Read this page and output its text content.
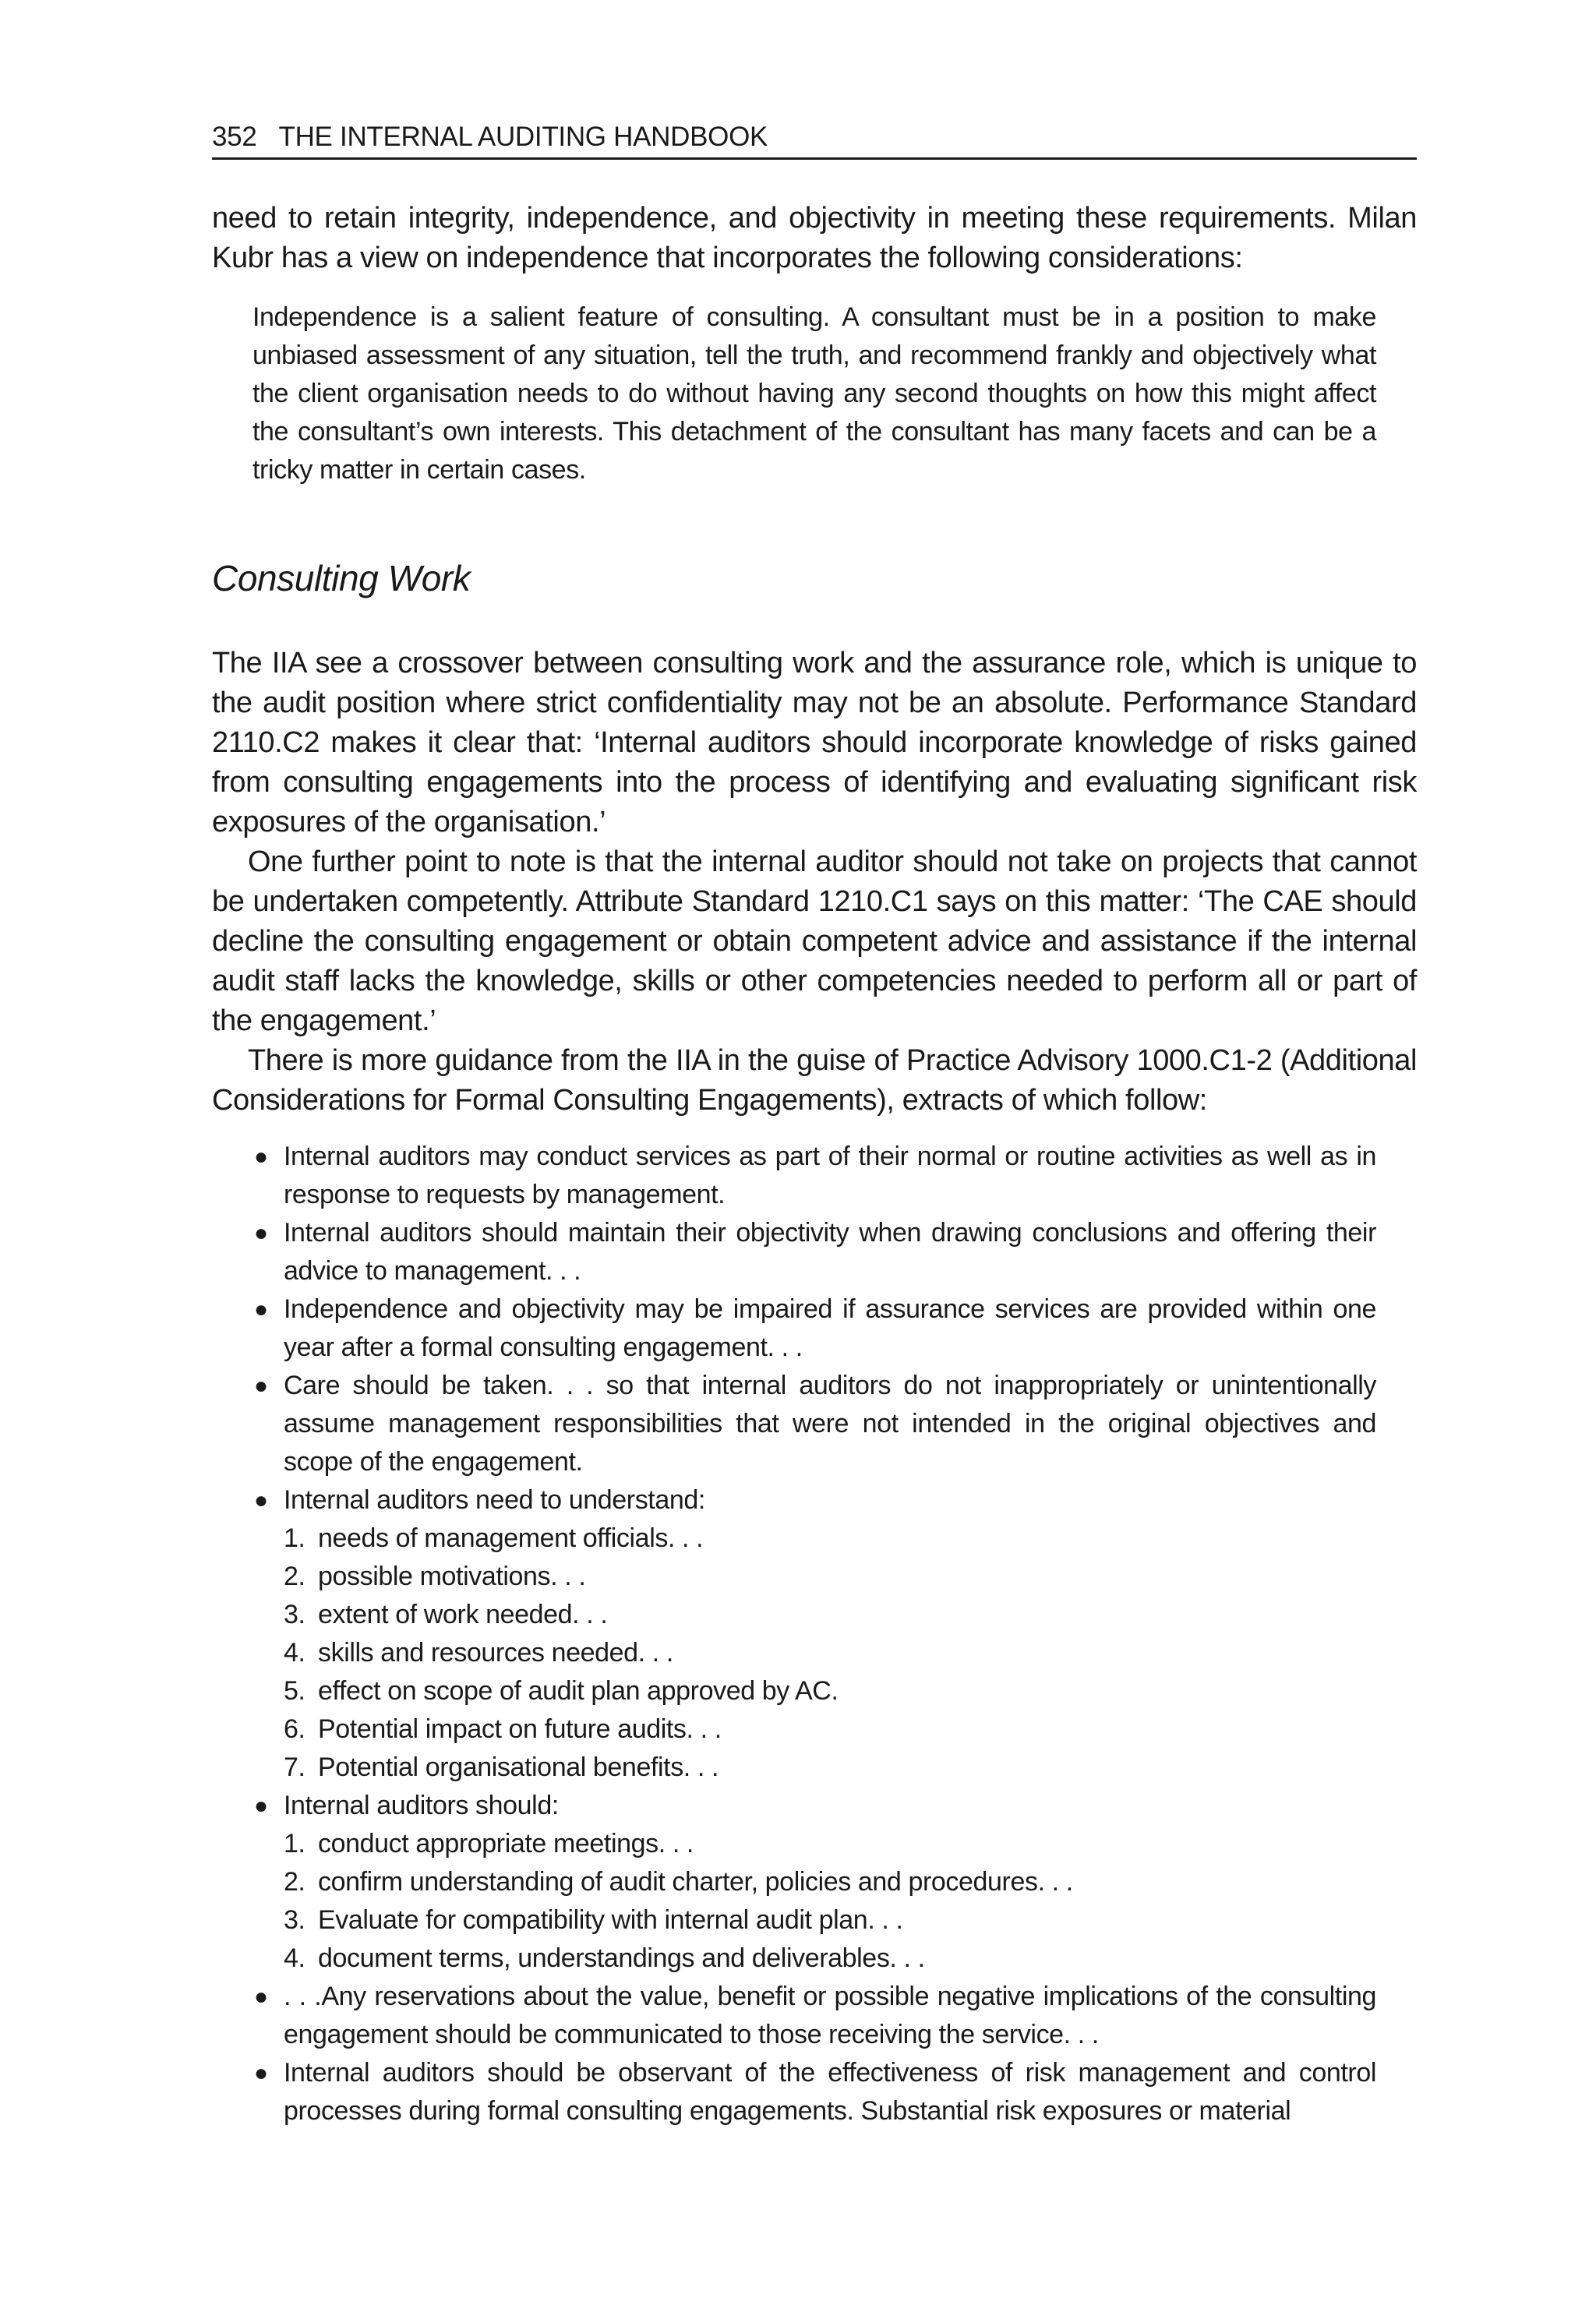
352 THE INTERNAL AUDITING HANDBOOK

need to retain integrity, independence, and objectivity in meeting these requirements. Milan Kubr has a view on independence that incorporates the following considerations:

Independence is a salient feature of consulting. A consultant must be in a position to make unbiased assessment of any situation, tell the truth, and recommend frankly and objectively what the client organisation needs to do without having any second thoughts on how this might affect the consultant’s own interests. This detachment of the consultant has many facets and can be a tricky matter in certain cases.
Consulting Work

The IIA see a crossover between consulting work and the assurance role, which is unique to the audit position where strict confidentiality may not be an absolute. Performance Standard 2110.C2 makes it clear that: ‘Internal auditors should incorporate knowledge of risks gained from consulting engagements into the process of identifying and evaluating significant risk exposures of the organisation.’

One further point to note is that the internal auditor should not take on projects that cannot be undertaken competently. Attribute Standard 1210.C1 says on this matter: ‘The CAE should decline the consulting engagement or obtain competent advice and assistance if the internal audit staff lacks the knowledge, skills or other competencies needed to perform all or part of the engagement.’

There is more guidance from the IIA in the guise of Practice Advisory 1000.C1-2 (Additional Considerations for Formal Consulting Engagements), extracts of which follow:

● Internal auditors may conduct services as part of their normal or routine activities as well as in response to requests by management.
● Internal auditors should maintain their objectivity when drawing conclusions and offering their advice to management. . .
● Independence and objectivity may be impaired if assurance services are provided within one year after a formal consulting engagement. . .
● Care should be taken. . . so that internal auditors do not inappropriately or unintentionally assume management responsibilities that were not intended in the original objectives and scope of the engagement.
● Internal auditors need to understand:
1. needs of management officials. . .
2. possible motivations. . .
3. extent of work needed. . .
4. skills and resources needed. . .
5. effect on scope of audit plan approved by AC.
6. Potential impact on future audits. . .
7. Potential organisational benefits. . .
● Internal auditors should:
1. conduct appropriate meetings. . .
2. confirm understanding of audit charter, policies and procedures. . .
3. Evaluate for compatibility with internal audit plan. . .
4. document terms, understandings and deliverables. . .
● . . .Any reservations about the value, benefit or possible negative implications of the consulting engagement should be communicated to those receiving the service. . .
● Internal auditors should be observant of the effectiveness of risk management and control processes during formal consulting engagements. Substantial risk exposures or material
